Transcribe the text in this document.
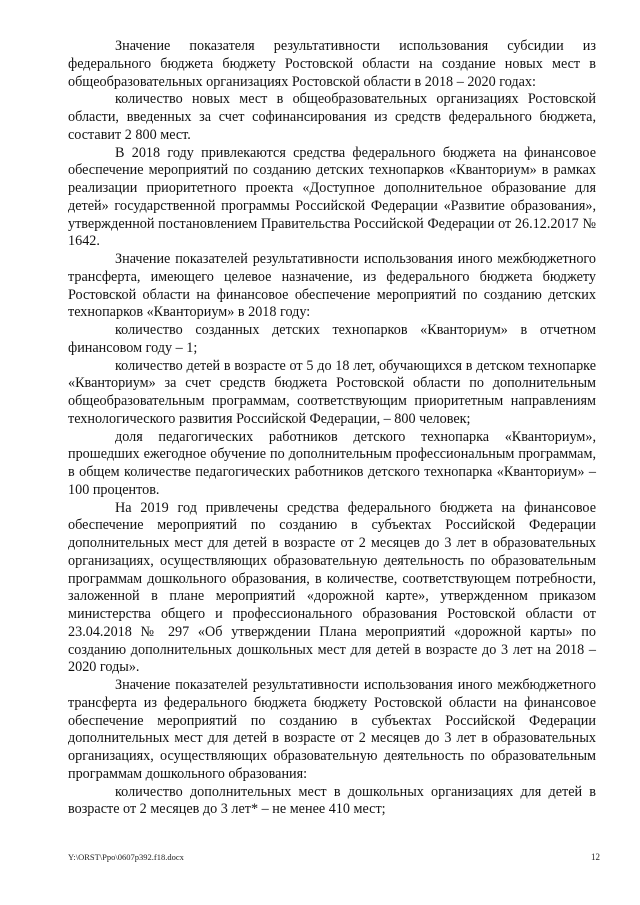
Значение показателя результативности использования субсидии из федерального бюджета бюджету Ростовской области на создание новых мест в общеобразовательных организациях Ростовской области в 2018 – 2020 годах:

количество новых мест в общеобразовательных организациях Ростовской области, введенных за счет софинансирования из средств федерального бюджета, составит 2 800 мест.

В 2018 году привлекаются средства федерального бюджета на финансовое обеспечение мероприятий по созданию детских технопарков «Кванториум» в рамках реализации приоритетного проекта «Доступное дополнительное образование для детей» государственной программы Российской Федерации «Развитие образования», утвержденной постановлением Правительства Российской Федерации от 26.12.2017 № 1642.

Значение показателей результативности использования иного межбюджетного трансферта, имеющего целевое назначение, из федерального бюджета бюджету Ростовской области на финансовое обеспечение мероприятий по созданию детских технопарков «Кванториум» в 2018 году:

количество созданных детских технопарков «Кванториум» в отчетном финансовом году – 1;

количество детей в возрасте от 5 до 18 лет, обучающихся в детском технопарке «Кванториум» за счет средств бюджета Ростовской области по дополнительным общеобразовательным программам, соответствующим приоритетным направлениям технологического развития Российской Федерации, – 800 человек;

доля педагогических работников детского технопарка «Кванториум», прошедших ежегодное обучение по дополнительным профессиональным программам, в общем количестве педагогических работников детского технопарка «Кванториум» – 100 процентов.

На 2019 год привлечены средства федерального бюджета на финансовое обеспечение мероприятий по созданию в субъектах Российской Федерации дополнительных мест для детей в возрасте от 2 месяцев до 3 лет в образовательных организациях, осуществляющих образовательную деятельность по образовательным программам дошкольного образования, в количестве, соответствующем потребности, заложенной в плане мероприятий «дорожной карте», утвержденном приказом министерства общего и профессионального образования Ростовской области от 23.04.2018 № 297 «Об утверждении Плана мероприятий «дорожной карты» по созданию дополнительных дошкольных мест для детей в возрасте до 3 лет на 2018 – 2020 годы».

Значение показателей результативности использования иного межбюджетного трансферта из федерального бюджета бюджету Ростовской области на финансовое обеспечение мероприятий по созданию в субъектах Российской Федерации дополнительных мест для детей в возрасте от 2 месяцев до 3 лет в образовательных организациях, осуществляющих образовательную деятельность по образовательным программам дошкольного образования:

количество дополнительных мест в дошкольных организациях для детей в возрасте от 2 месяцев до 3 лет* – не менее 410 мест;

Y:\ORST\Ppo\0607p392.f18.docx	12
